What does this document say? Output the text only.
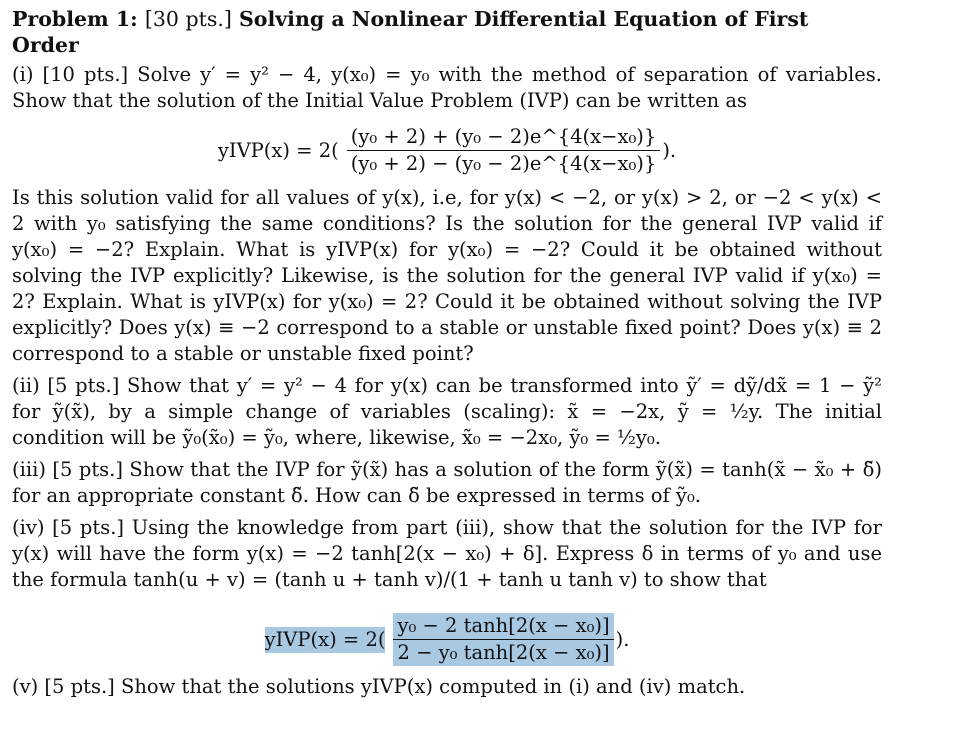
Problem 1: [30 pts.] Solving a Nonlinear Differential Equation of First Order

(i) [10 pts.] Solve y′ = y² − 4, y(x₀) = y₀ with the method of separation of variables. Show that the solution of the Initial Value Problem (IVP) can be written as

yIVP(x) = $2( \frac{\text{(y₀ + 2) + (y₀ − 2)e\textasciicircum{}\{4(x−x₀)\}}}{\text{(y₀ + 2) − (y₀ − 2)e\textasciicircum{}\{4(x−x₀)\}}}$ ).

Is this solution valid for all values of y(x), i.e, for y(x) < −2, or y(x) > 2, or −2 < y(x) < 2 with y₀ satisfying the same conditions? Is the solution for the general IVP valid if y(x₀) = −2? Explain. What is yIVP(x) for y(x₀) = −2? Could it be obtained without solving the IVP explicitly? Likewise, is the solution for the general IVP valid if y(x₀) = 2? Explain. What is yIVP(x) for y(x₀) = 2? Could it be obtained without solving the IVP explicitly? Does y(x) ≡ −2 correspond to a stable or unstable fixed point? Does y(x) ≡ 2 correspond to a stable or unstable fixed point?

(ii) [5 pts.] Show that y′ = y² − 4 for y(x) can be transformed into ỹ′ = dỹ/dx̃ = 1 − ỹ² for ỹ(x̃), by a simple change of variables (scaling): x̃ = −2x, ỹ = ½y. The initial condition will be ỹ₀(x̃₀) = ỹ₀, where, likewise, x̃₀ = −2x₀, ỹ₀ = ½y₀.

(iii) [5 pts.] Show that the IVP for ỹ(x̃) has a solution of the form ỹ(x̃) = tanh(x̃ − x̃₀ + δ̃) for an appropriate constant δ̃. How can δ̃ be expressed in terms of ỹ₀.

(iv) [5 pts.] Using the knowledge from part (iii), show that the solution for the IVP for y(x) will have the form y(x) = −2 tanh[2(x − x₀) + δ]. Express δ in terms of y₀ and use the formula tanh(u + v) = (tanh u + tanh v)/(1 + tanh u tanh v) to show that

yIVP(x) = $2( \frac{\text{y₀ − 2 tanh[2(x − x₀)]}}{\text{2 − y₀ tanh[2(x − x₀)]}}$ ).

(v) [5 pts.] Show that the solutions yIVP(x) computed in (i) and (iv) match.
